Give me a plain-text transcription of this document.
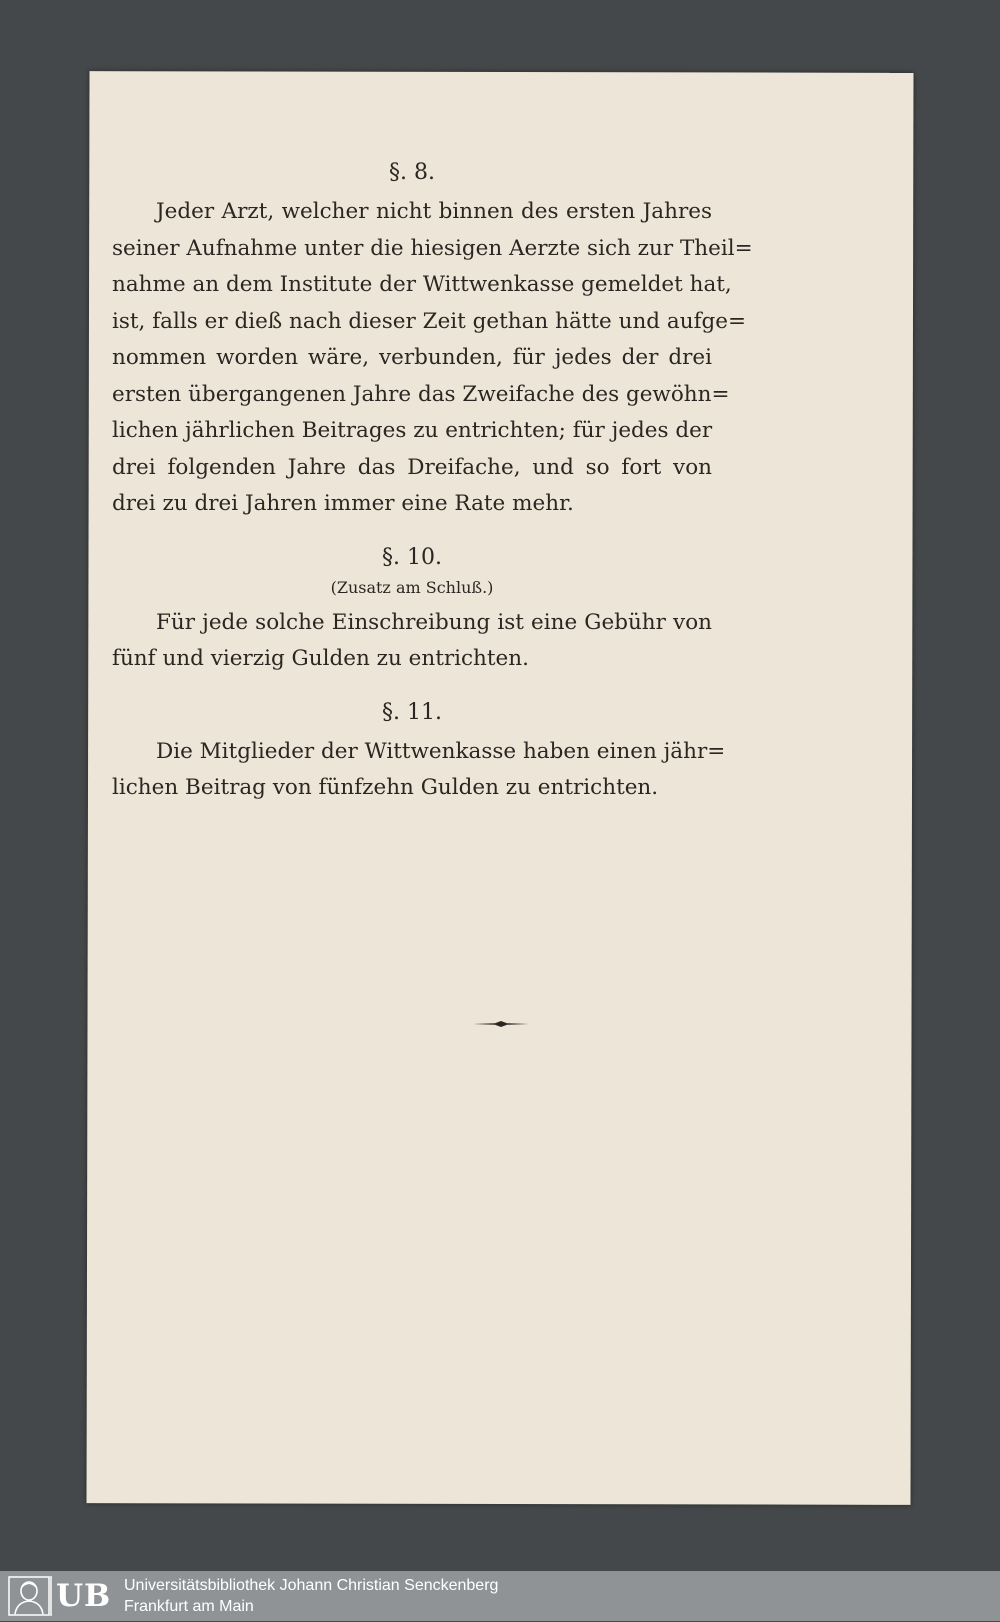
§. 8.

Jeder Arzt, welcher nicht binnen des ersten Jahres
seiner Aufnahme unter die hiesigen Aerzte sich zur Theil=
nahme an dem Institute der Wittwenkasse gemeldet hat,
ist, falls er dieß nach dieser Zeit gethan hätte und aufge=
nommen worden wäre, verbunden, für jedes der drei
ersten übergangenen Jahre das Zweifache des gewöhn=
lichen jährlichen Beitrages zu entrichten; für jedes der
drei folgenden Jahre das Dreifache, und so fort von
drei zu drei Jahren immer eine Rate mehr.

§. 10.

(Zusatz am Schluß.)

Für jede solche Einschreibung ist eine Gebühr von
fünf und vierzig Gulden zu entrichten.

§. 11.

Die Mitglieder der Wittwenkasse haben einen jähr=
lichen Beitrag von fünfzehn Gulden zu entrichten.
UB Universitätsbibliothek Johann Christian Senckenberg
Frankfurt am Main
